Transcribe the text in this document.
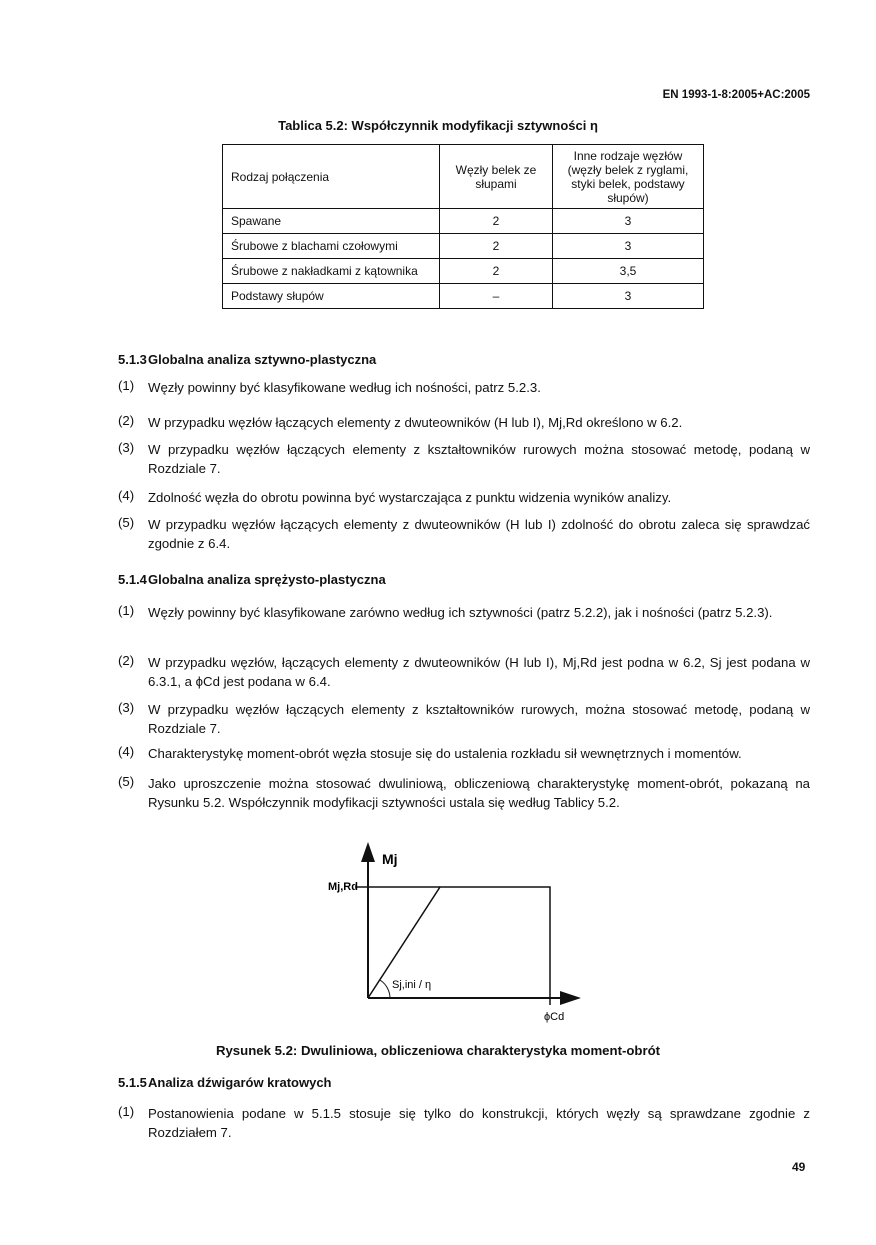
EN 1993-1-8:2005+AC:2005
Tablica 5.2: Współczynnik modyfikacji sztywności η
Rodzaj połączenia	Węzły belek ze słupami	Inne rodzaje węzłów (węzły belek z ryglami, styki belek, podstawy słupów)
Spawane	2	3
Śrubowe z blachami czołowymi	2	3
Śrubowe z nakładkami z kątownika	2	3,5
Podstawy słupów	–	3
5.1.3Globalna analiza sztywno-plastyczna
(1) Węzły powinny być klasyfikowane według ich nośności, patrz 5.2.3.
(2) W przypadku węzłów łączących elementy z dwuteowników (H lub I), Mj,Rd określono w 6.2.
(3) W przypadku węzłów łączących elementy z kształtowników rurowych można stosować metodę, podaną w Rozdziale 7.
(4) Zdolność węzła do obrotu powinna być wystarczająca z punktu widzenia wyników analizy.
(5) W przypadku węzłów łączących elementy z dwuteowników (H lub I) zdolność do obrotu zaleca się sprawdzać zgodnie z 6.4.
5.1.4Globalna analiza sprężysto-plastyczna
(1) Węzły powinny być klasyfikowane zarówno według ich sztywności (patrz 5.2.2), jak i nośności (patrz 5.2.3).
(2) W przypadku węzłów, łączących elementy z dwuteowników (H lub I), Mj,Rd jest podna w 6.2, Sj jest podana w 6.3.1, a ϕCd jest podana w 6.4.
(3) W przypadku węzłów łączących elementy z kształtowników rurowych, można stosować metodę, podaną w Rozdziale 7.
(4) Charakterystykę moment-obrót węzła stosuje się do ustalenia rozkładu sił wewnętrznych i momentów.
(5) Jako uproszczenie można stosować dwuliniową, obliczeniową charakterystykę moment-obrót, pokazaną na Rysunku 5.2. Współczynnik modyfikacji sztywności ustala się według Tablicy 5.2.
Mj
Mj,Rd
Sj,ini / η
ϕCd
Rysunek 5.2: Dwuliniowa, obliczeniowa charakterystyka moment-obrót
5.1.5Analiza dźwigarów kratowych
(1) Postanowienia podane w 5.1.5 stosuje się tylko do konstrukcji, których węzły są sprawdzane zgodnie z Rozdziałem 7.
49
